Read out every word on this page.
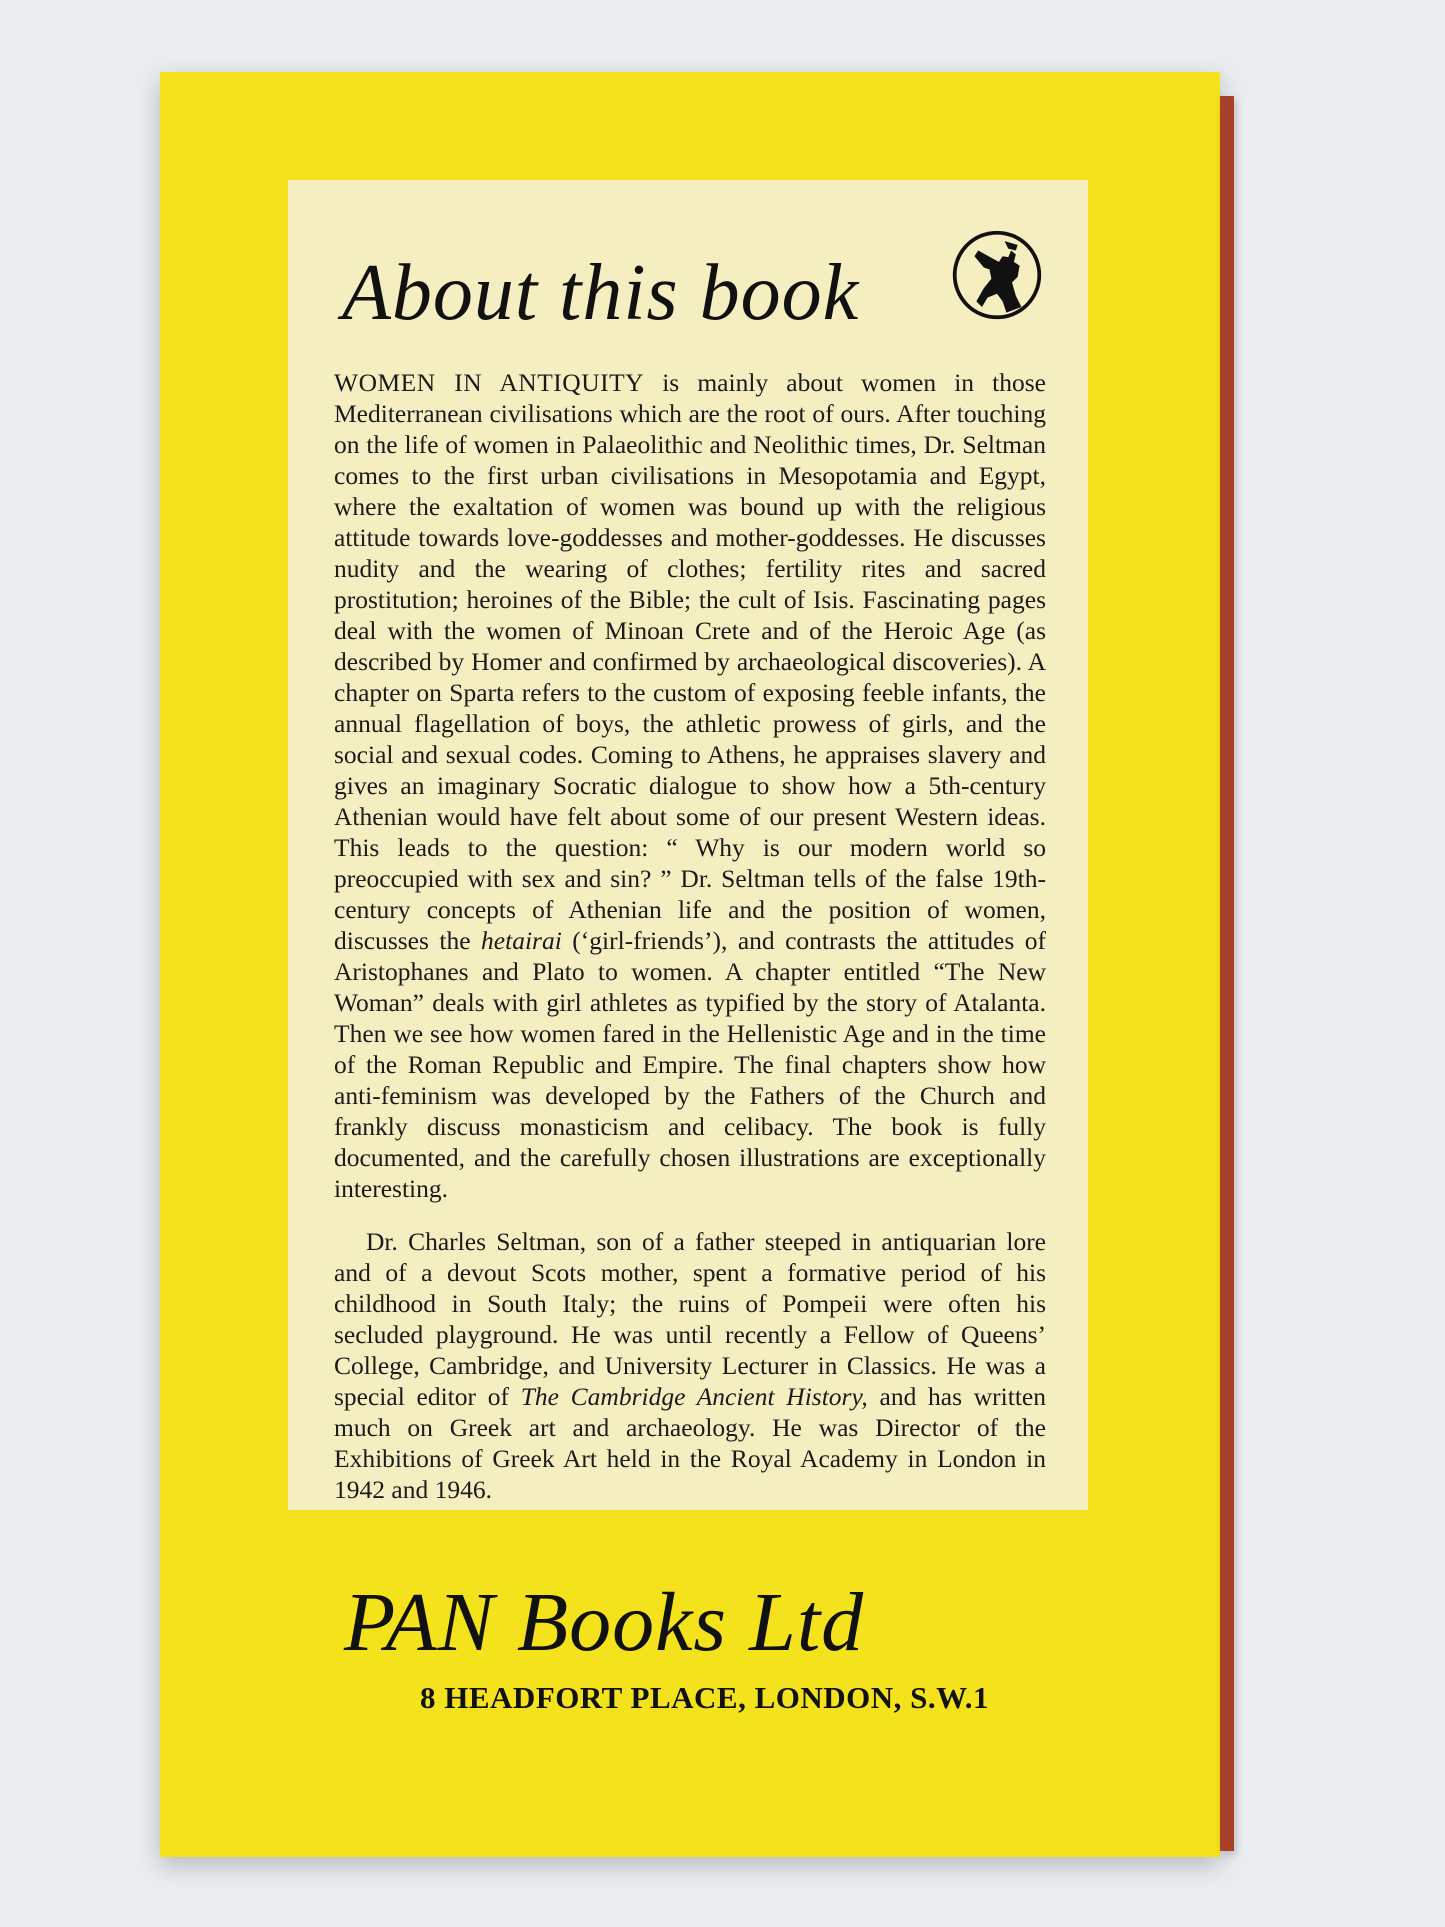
About this book

WOMEN IN ANTIQUITY is mainly about women in those Mediterranean civilisations which are the root of ours. After touching on the life of women in Palaeolithic and Neolithic times, Dr. Seltman comes to the first urban civilisations in Mesopotamia and Egypt, where the exaltation of women was bound up with the religious attitude towards love-goddesses and mother-goddesses. He discusses nudity and the wearing of clothes; fertility rites and sacred prostitution; heroines of the Bible; the cult of Isis. Fascinating pages deal with the women of Minoan Crete and of the Heroic Age (as described by Homer and confirmed by archaeological discoveries). A chapter on Sparta refers to the custom of exposing feeble infants, the annual flagellation of boys, the athletic prowess of girls, and the social and sexual codes. Coming to Athens, he appraises slavery and gives an imaginary Socratic dialogue to show how a 5th-century Athenian would have felt about some of our present Western ideas. This leads to the question: “ Why is our modern world so preoccupied with sex and sin? ” Dr. Seltman tells of the false 19th-century concepts of Athenian life and the position of women, discusses the hetairai (‘girl-friends’), and contrasts the attitudes of Aristophanes and Plato to women. A chapter entitled “The New Woman” deals with girl athletes as typified by the story of Atalanta. Then we see how women fared in the Hellenistic Age and in the time of the Roman Republic and Empire. The final chapters show how anti-feminism was developed by the Fathers of the Church and frankly discuss monasticism and celibacy. The book is fully documented, and the carefully chosen illustrations are exceptionally interesting.

Dr. Charles Seltman, son of a father steeped in antiquarian lore and of a devout Scots mother, spent a formative period of his childhood in South Italy; the ruins of Pompeii were often his secluded playground. He was until recently a Fellow of Queens’ College, Cambridge, and University Lecturer in Classics. He was a special editor of The Cambridge Ancient History, and has written much on Greek art and archaeology. He was Director of the Exhibitions of Greek Art held in the Royal Academy in London in 1942 and 1946.

PAN Books Ltd

8 HEADFORT PLACE, LONDON, S.W.1
